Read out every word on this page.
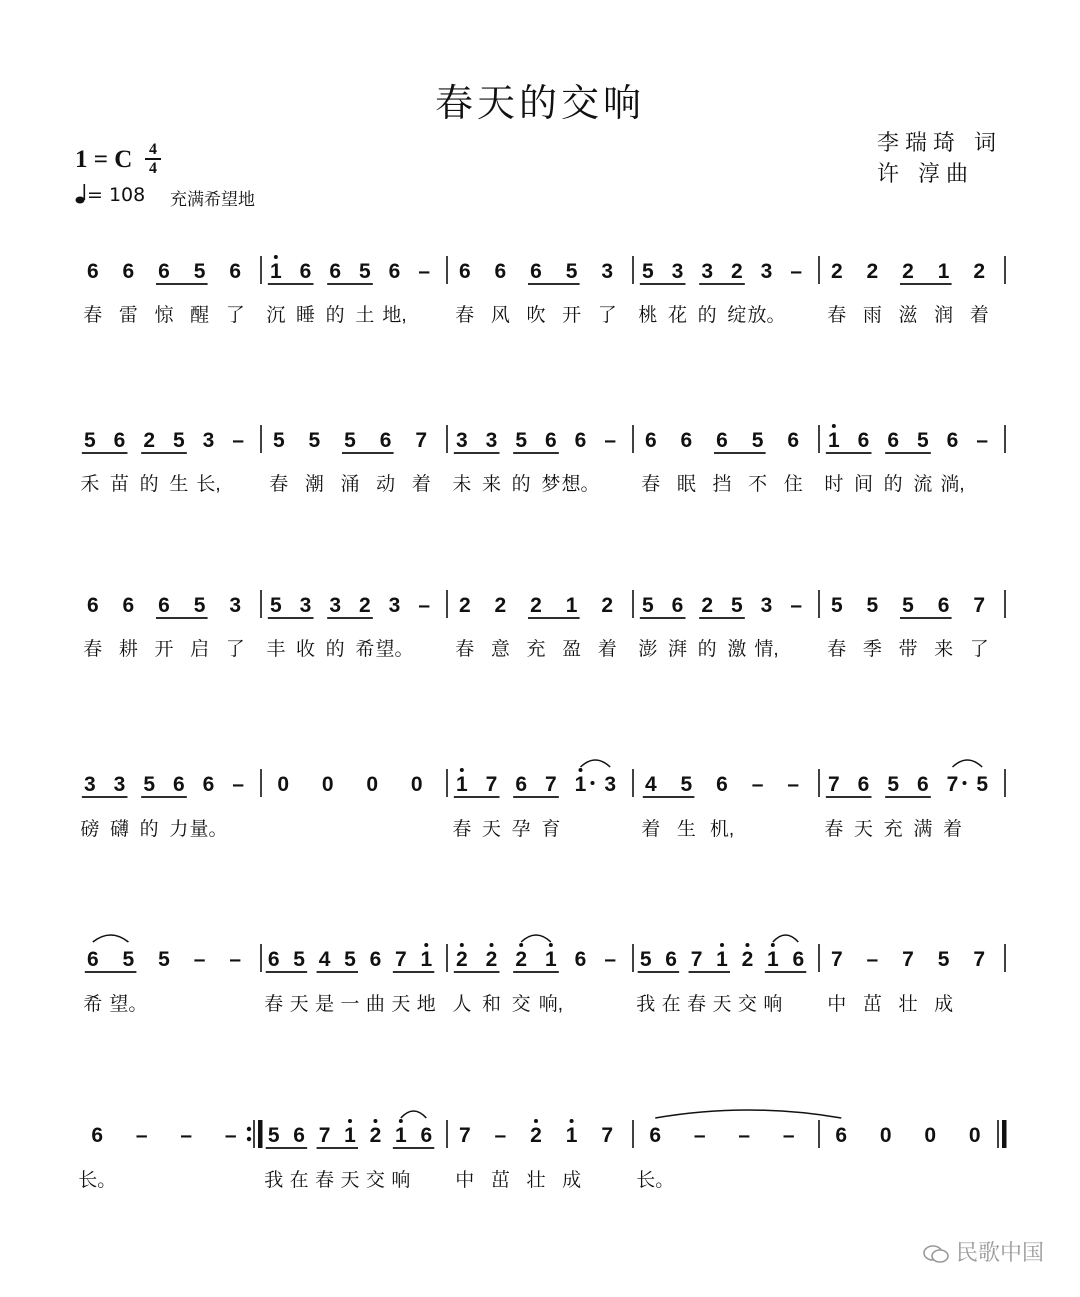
春天的交响
1 = C 4
4
= 108 充满希望地
李瑞琦 词
许 淳曲
6 6 6 5 6
春 雷 惊 醒 了
1 6 6 5 6 –
沉 睡 的 土 地,
6 6 6 5 3
春 风 吹 开 了
5 3 3 2 3 –
桃 花 的 绽 放。
2 2 2 1 2
春 雨 滋 润 着
5 6 2 5 3 –
禾 苗 的 生 长,
5 5 5 6 7
春 潮 涌 动 着
3 3 5 6 6 –
未 来 的 梦 想。
6 6 6 5 6
春 眠 挡 不 住
1 6 6 5 6 –
时 间 的 流 淌,
6 6 6 5 3
春 耕 开 启 了
5 3 3 2 3 –
丰 收 的 希 望。
2 2 2 1 2
春 意 充 盈 着
5 6 2 5 3 –
澎 湃 的 激 情,
5 5 5 6 7
春 季 带 来 了
3 3 5 6 6 –
磅 礴 的 力 量。
0 0 0 0 1 7 6 7 1 3
春 天 孕 育
4 5 6 – –
着 生 机,
7 6 5 6 7 5
春 天 充 满 着
6 5 5 – –
希 望。
6 5 4 5 6 7 1
春 天 是 一 曲 天 地
2 2 2 1 6 –
人 和 交 响,
5 6 7 1 2 1 6
我 在 春 天 交 响
7 – 7 5 7
中 茁 壮 成
6 – – –
长。
5 6 7 1 2 1 6
我 在 春 天 交 响
7 – 2 1 7
中 茁 壮 成
6 – – –
长。
6 0 0 0
民歌中国
